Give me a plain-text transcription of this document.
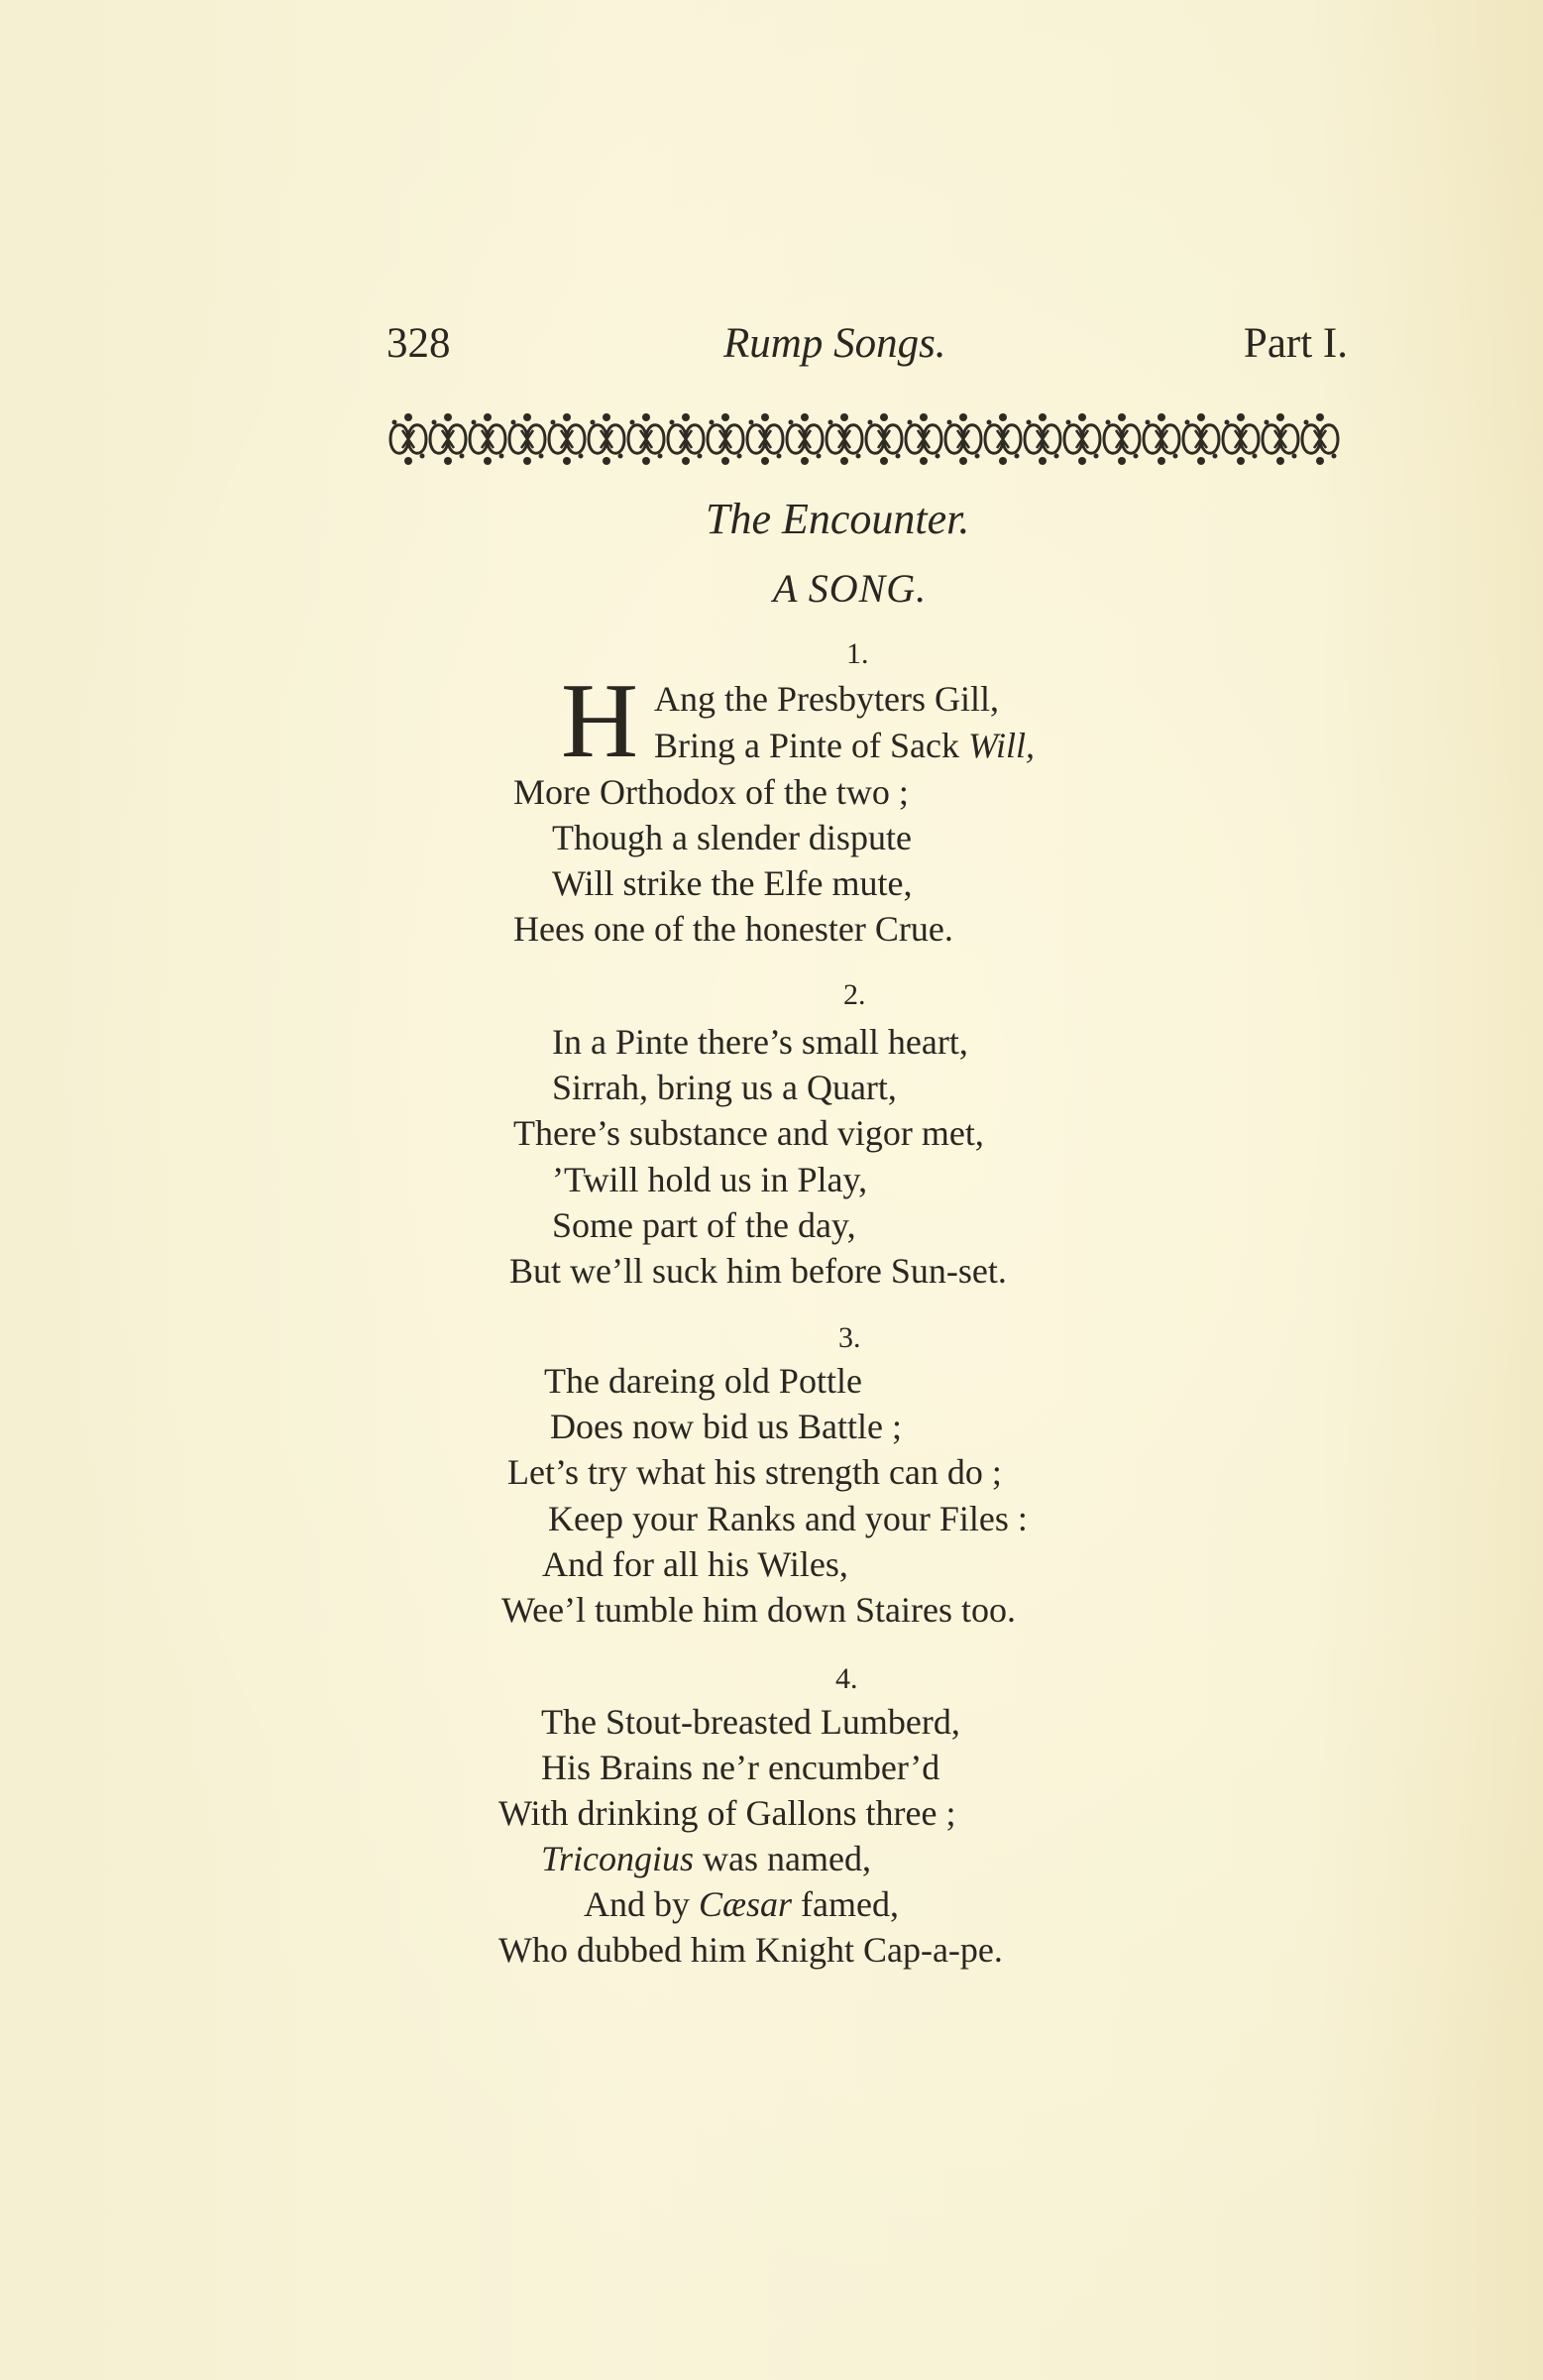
328	Rump Songs.	Part I.
The Encounter.
A SONG.
1.
H Ang the Presbyters Gill,
Bring a Pinte of Sack Will,
More Orthodox of the two ;
Though a slender dispute
Will strike the Elfe mute,
Hees one of the honester Crue.
2.
In a Pinte there’s small heart,
Sirrah, bring us a Quart,
There’s substance and vigor met,
’Twill hold us in Play,
Some part of the day,
But we’ll suck him before Sun-set.
3.
The dareing old Pottle
Does now bid us Battle ;
Let’s try what his strength can do ;
Keep your Ranks and your Files :
And for all his Wiles,
Wee’l tumble him down Staires too.
4.
The Stout-breasted Lumberd,
His Brains ne’r encumber’d
With drinking of Gallons three ;
Tricongius was named,
And by Cæsar famed,
Who dubbed him Knight Cap-a-pe.
